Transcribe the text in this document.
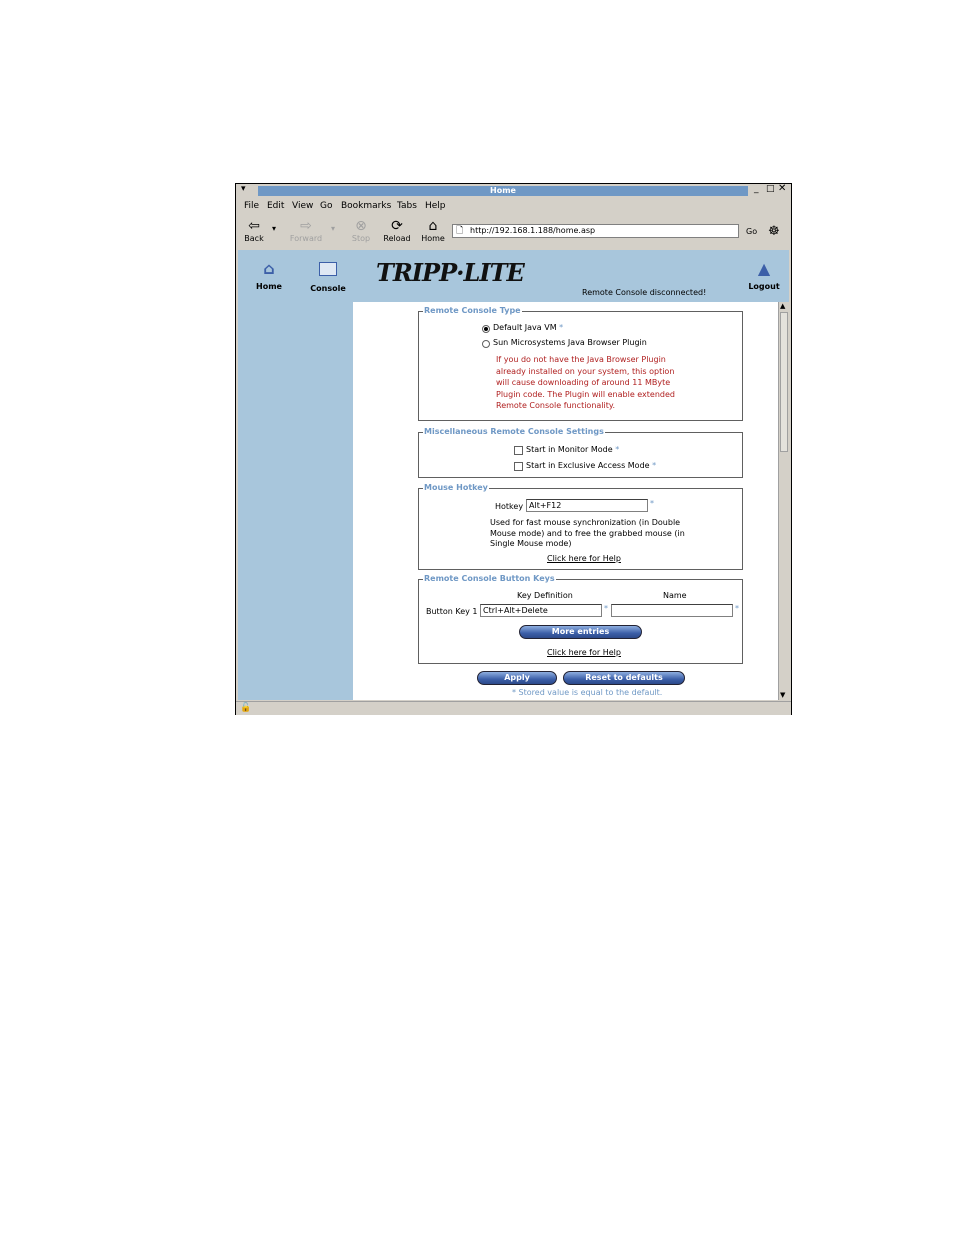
▾	Home	_ □ ✕
File Edit View Go Bookmarks Tabs Help
⇦
Back
▾	⇨
Forward
▾	⊗
Stop
⟳
Reload
⌂
Home
🗋 http://192.168.1.188/home.asp	Go ☸
⌂
Home	Console
TRIPP·LITE
Remote Console disconnected!
▲
Logout
Remote Console Type
Default Java VM *
Sun Microsystems Java Browser Plugin
If you do not have the Java Browser Plugin
already installed on your system, this option
will cause downloading of around 11 MByte
Plugin code. The Plugin will enable extended
Remote Console functionality.
Miscellaneous Remote Console Settings
Start in Monitor Mode *
Start in Exclusive Access Mode *
Mouse Hotkey
Hotkey Alt+F12	*
Used for fast mouse synchronization (in Double
Mouse mode) and to free the grabbed mouse (in
Single Mouse mode)
Click here for Help
Remote Console Button Keys
Key Definition	Name
Button Key 1 Ctrl+Alt+Delete	*	*
More entries
Click here for Help
Apply	Reset to defaults
* Stored value is equal to the default.
▲
▼
🔓
